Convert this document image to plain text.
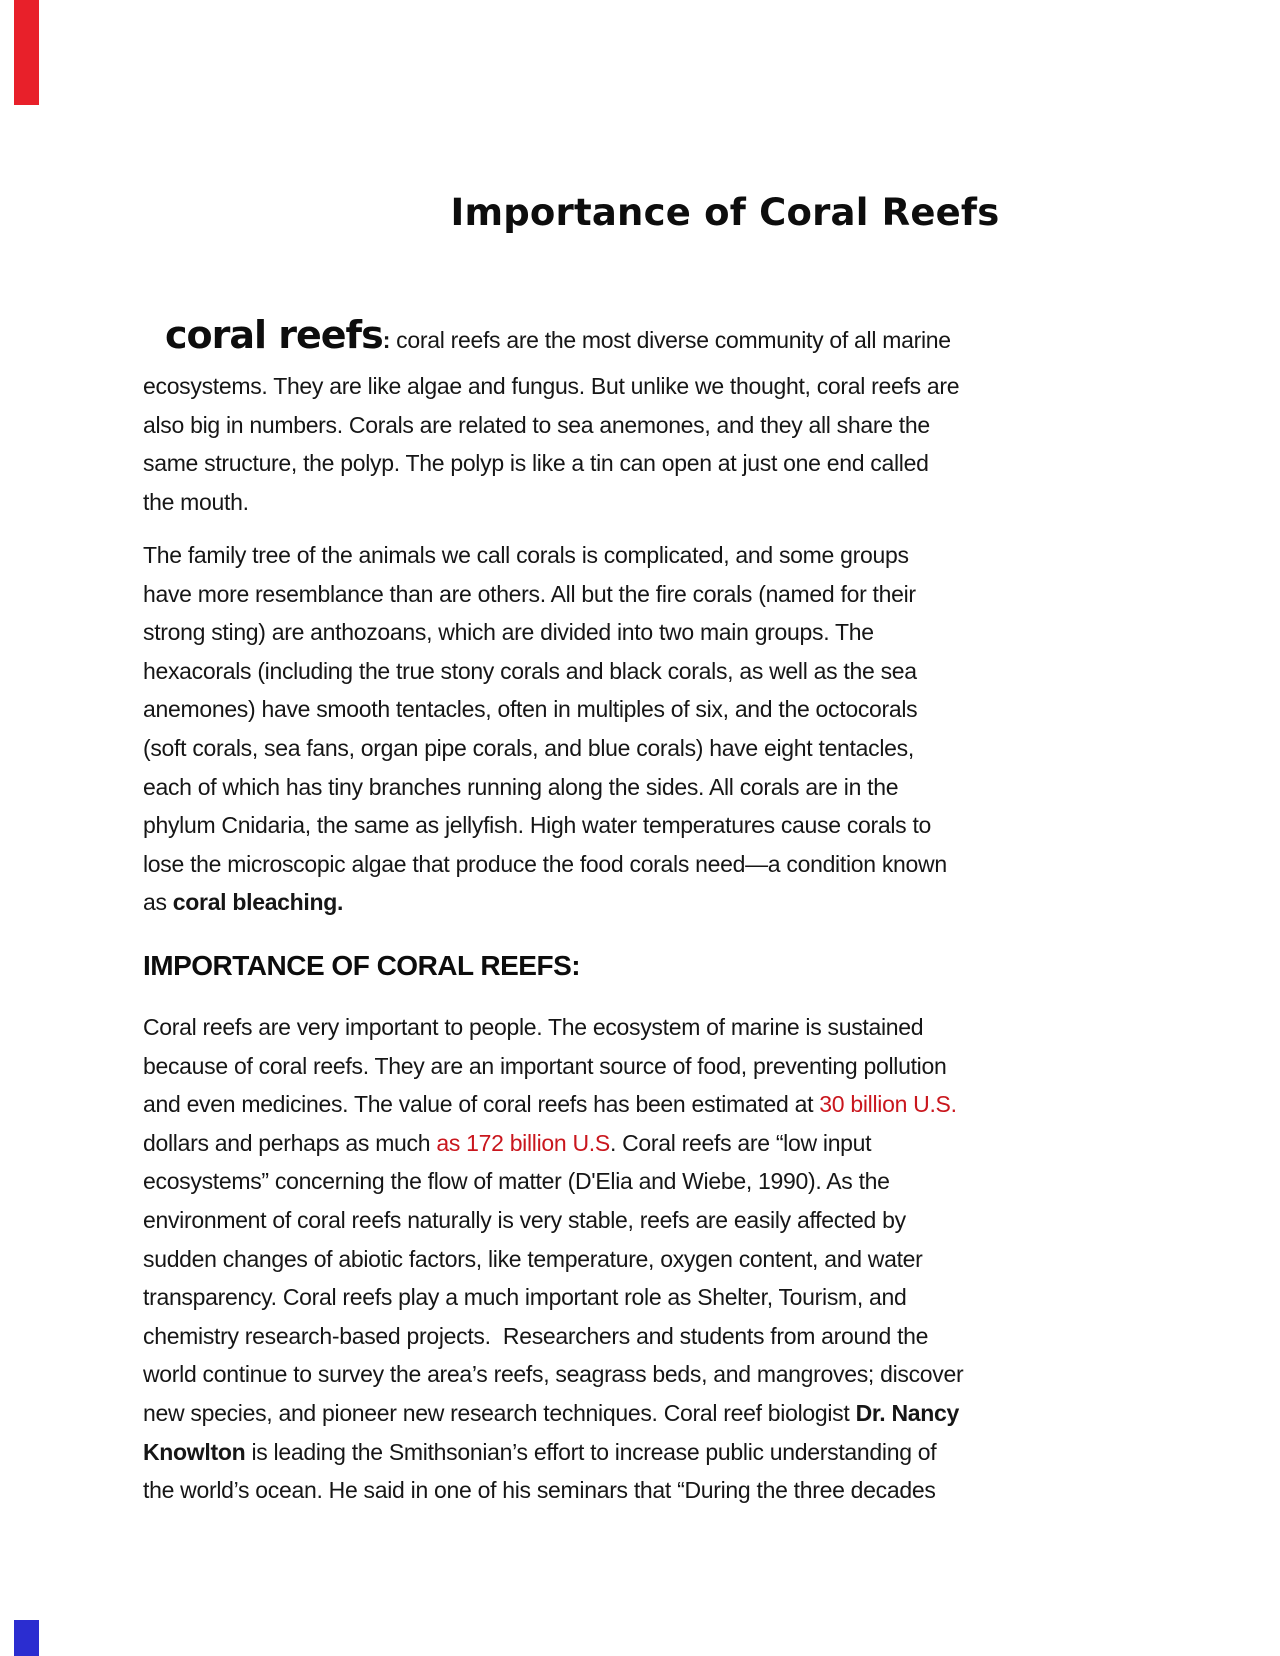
Importance of Coral Reefs
coral reefs: coral reefs are the most diverse community of all marine
ecosystems. They are like algae and fungus. But unlike we thought, coral reefs are
also big in numbers. Corals are related to sea anemones, and they all share the
same structure, the polyp. The polyp is like a tin can open at just one end called
the mouth.
The family tree of the animals we call corals is complicated, and some groups
have more resemblance than are others. All but the fire corals (named for their
strong sting) are anthozoans, which are divided into two main groups. The
hexacorals (including the true stony corals and black corals, as well as the sea
anemones) have smooth tentacles, often in multiples of six, and the octocorals
(soft corals, sea fans, organ pipe corals, and blue corals) have eight tentacles,
each of which has tiny branches running along the sides. All corals are in the
phylum Cnidaria, the same as jellyfish. High water temperatures cause corals to
lose the microscopic algae that produce the food corals need—a condition known
as coral bleaching.
IMPORTANCE OF CORAL REEFS:
Coral reefs are very important to people. The ecosystem of marine is sustained
because of coral reefs. They are an important source of food, preventing pollution
and even medicines. The value of coral reefs has been estimated at 30 billion U.S.
dollars and perhaps as much as 172 billion U.S. Coral reefs are “low input
ecosystems” concerning the flow of matter (D'Elia and Wiebe, 1990). As the
environment of coral reefs naturally is very stable, reefs are easily affected by
sudden changes of abiotic factors, like temperature, oxygen content, and water
transparency. Coral reefs play a much important role as Shelter, Tourism, and
chemistry research-based projects.  Researchers and students from around the
world continue to survey the area’s reefs, seagrass beds, and mangroves; discover
new species, and pioneer new research techniques. Coral reef biologist Dr. Nancy
Knowlton is leading the Smithsonian’s effort to increase public understanding of
the world’s ocean. He said in one of his seminars that “During the three decades
